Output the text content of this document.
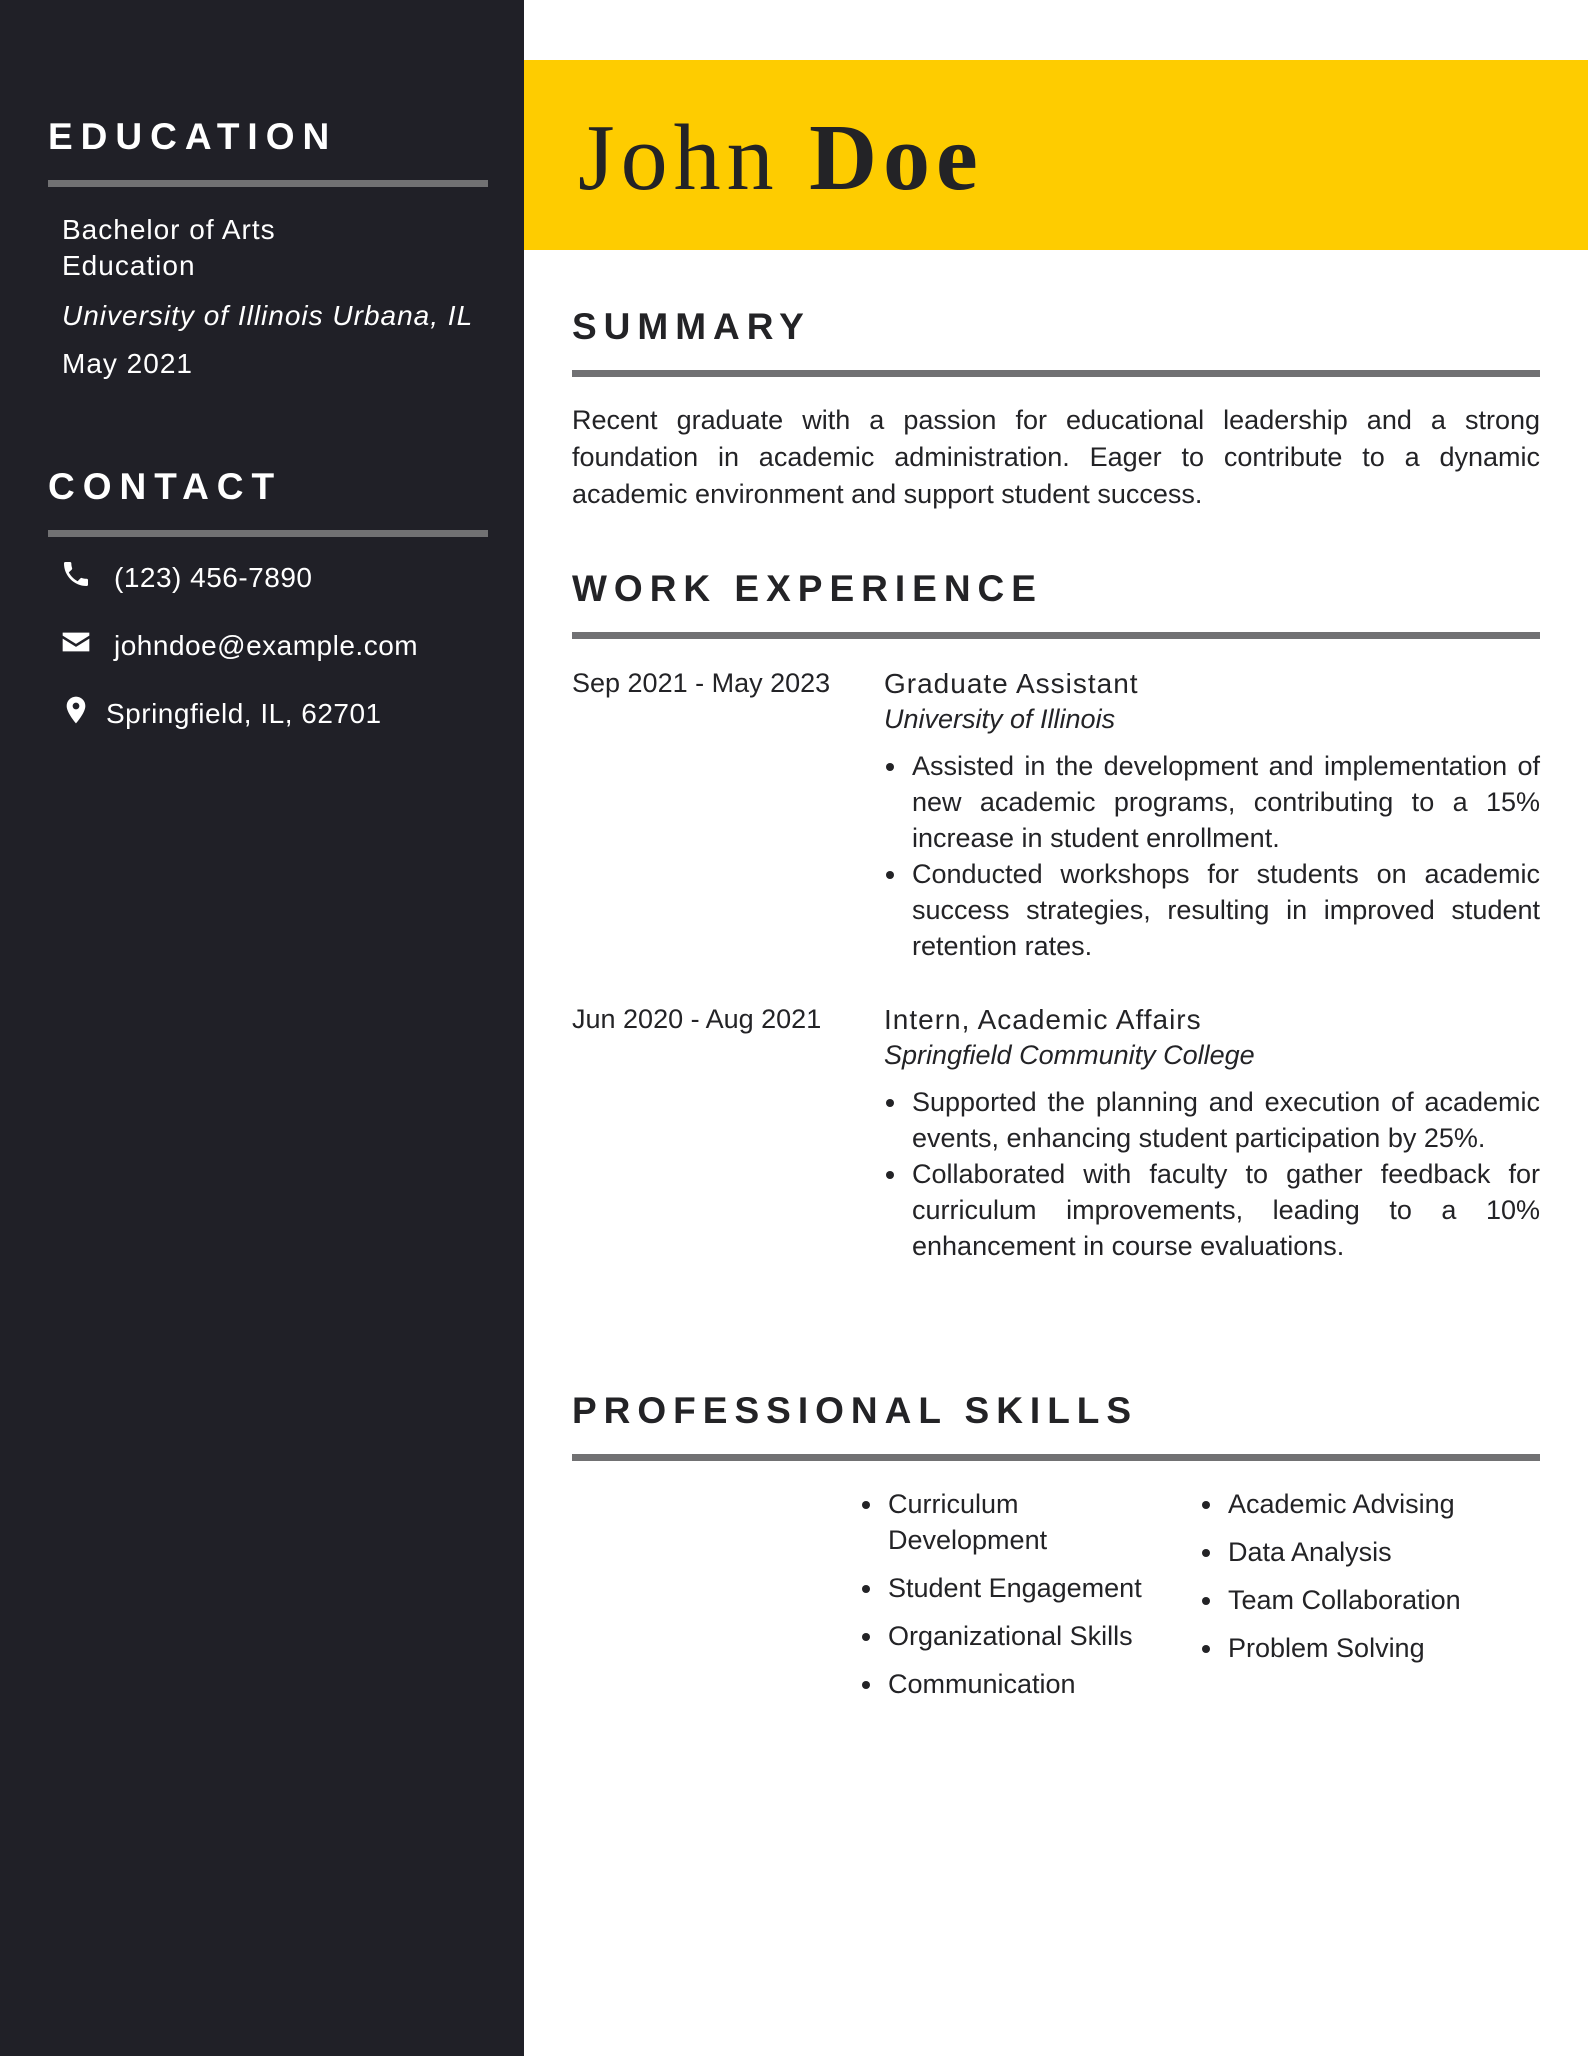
EDUCATION
Bachelor of Arts Education
University of Illinois Urbana, IL
May 2021
CONTACT
(123) 456-7890
johndoe@example.com
Springfield, IL, 62701
John Doe
SUMMARY
Recent graduate with a passion for educational leadership and a strong foundation in academic administration. Eager to contribute to a dynamic academic environment and support student success.
WORK EXPERIENCE
Sep 2021 - May 2023 Graduate Assistant
University of Illinois
Assisted in the development and implementation of new academic programs, contributing to a 15% increase in student enrollment.
Conducted workshops for students on academic success strategies, resulting in improved student retention rates.
Jun 2020 - Aug 2021 Intern, Academic Affairs
Springfield Community College
Supported the planning and execution of academic events, enhancing student participation by 25%.
Collaborated with faculty to gather feedback for curriculum improvements, leading to a 10% enhancement in course evaluations.
PROFESSIONAL SKILLS
Curriculum Development
Student Engagement
Organizational Skills
Communication
Academic Advising
Data Analysis
Team Collaboration
Problem Solving
